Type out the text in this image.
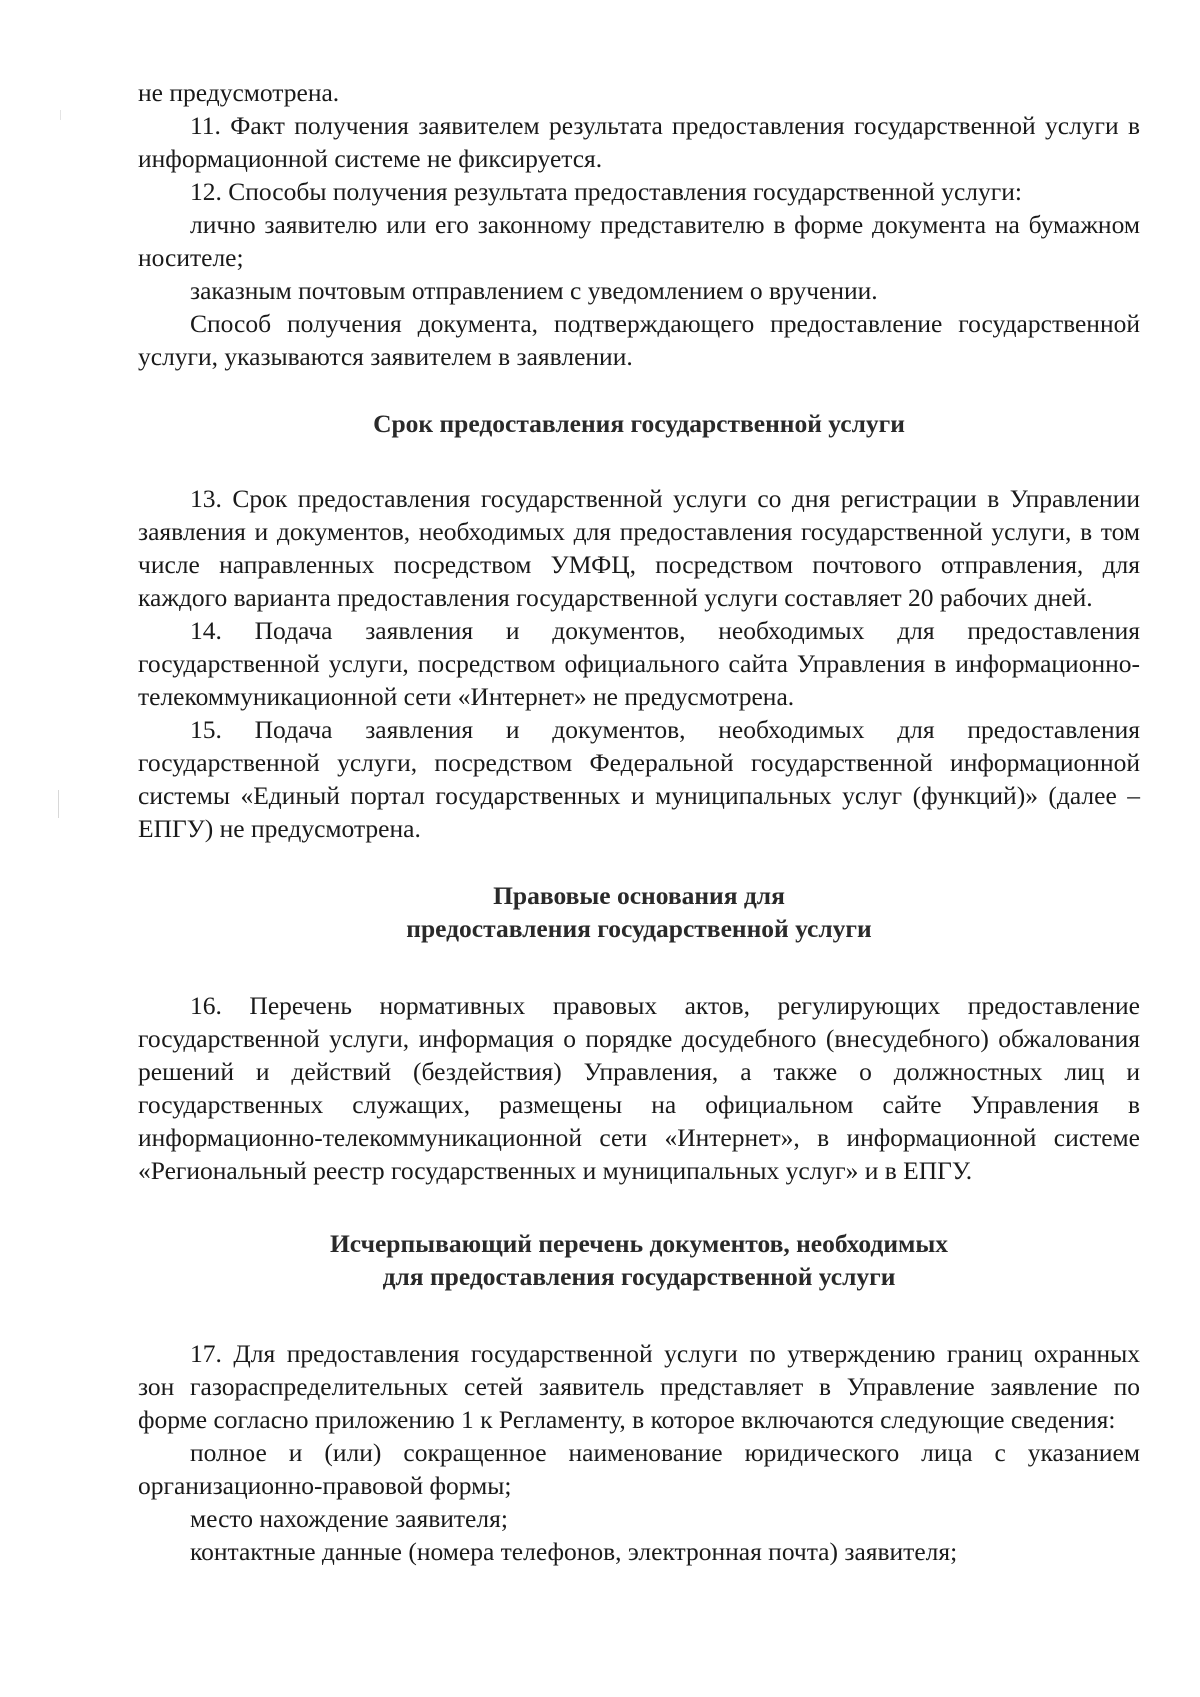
не предусмотрена.

11. Факт получения заявителем результата предоставления государственной услуги в информационной системе не фиксируется.

12. Способы получения результата предоставления государственной услуги:

лично заявителю или его законному представителю в форме документа на бумажном носителе;

заказным почтовым отправлением с уведомлением о вручении.

Способ получения документа, подтверждающего предоставление государственной услуги, указываются заявителем в заявлении.

Срок предоставления государственной услуги

13. Срок предоставления государственной услуги со дня регистрации в Управлении заявления и документов, необходимых для предоставления государственной услуги, в том числе направленных посредством УМФЦ, посредством почтового отправления, для каждого варианта предоставления государственной услуги составляет 20 рабочих дней.

14. Подача заявления и документов, необходимых для предоставления государственной услуги, посредством официального сайта Управления в информационно-телекоммуникационной сети «Интернет» не предусмотрена.

15. Подача заявления и документов, необходимых для предоставления государственной услуги, посредством Федеральной государственной информационной системы «Единый портал государственных и муниципальных услуг (функций)» (далее – ЕПГУ) не предусмотрена.

Правовые основания для
предоставления государственной услуги

16. Перечень нормативных правовых актов, регулирующих предоставление государственной услуги, информация о порядке досудебного (внесудебного) обжалования решений и действий (бездействия) Управления, а также о должностных лиц и государственных служащих, размещены на официальном сайте Управления в информационно-телекоммуникационной сети «Интернет», в информационной системе «Региональный реестр государственных и муниципальных услуг» и в ЕПГУ.

Исчерпывающий перечень документов, необходимых
для предоставления государственной услуги

17. Для предоставления государственной услуги по утверждению границ охранных зон газораспределительных сетей заявитель представляет в Управление заявление по форме согласно приложению 1 к Регламенту, в которое включаются следующие сведения:

полное и (или) сокращенное наименование юридического лица с указанием организационно-правовой формы;

место нахождение заявителя;

контактные данные (номера телефонов, электронная почта) заявителя;
